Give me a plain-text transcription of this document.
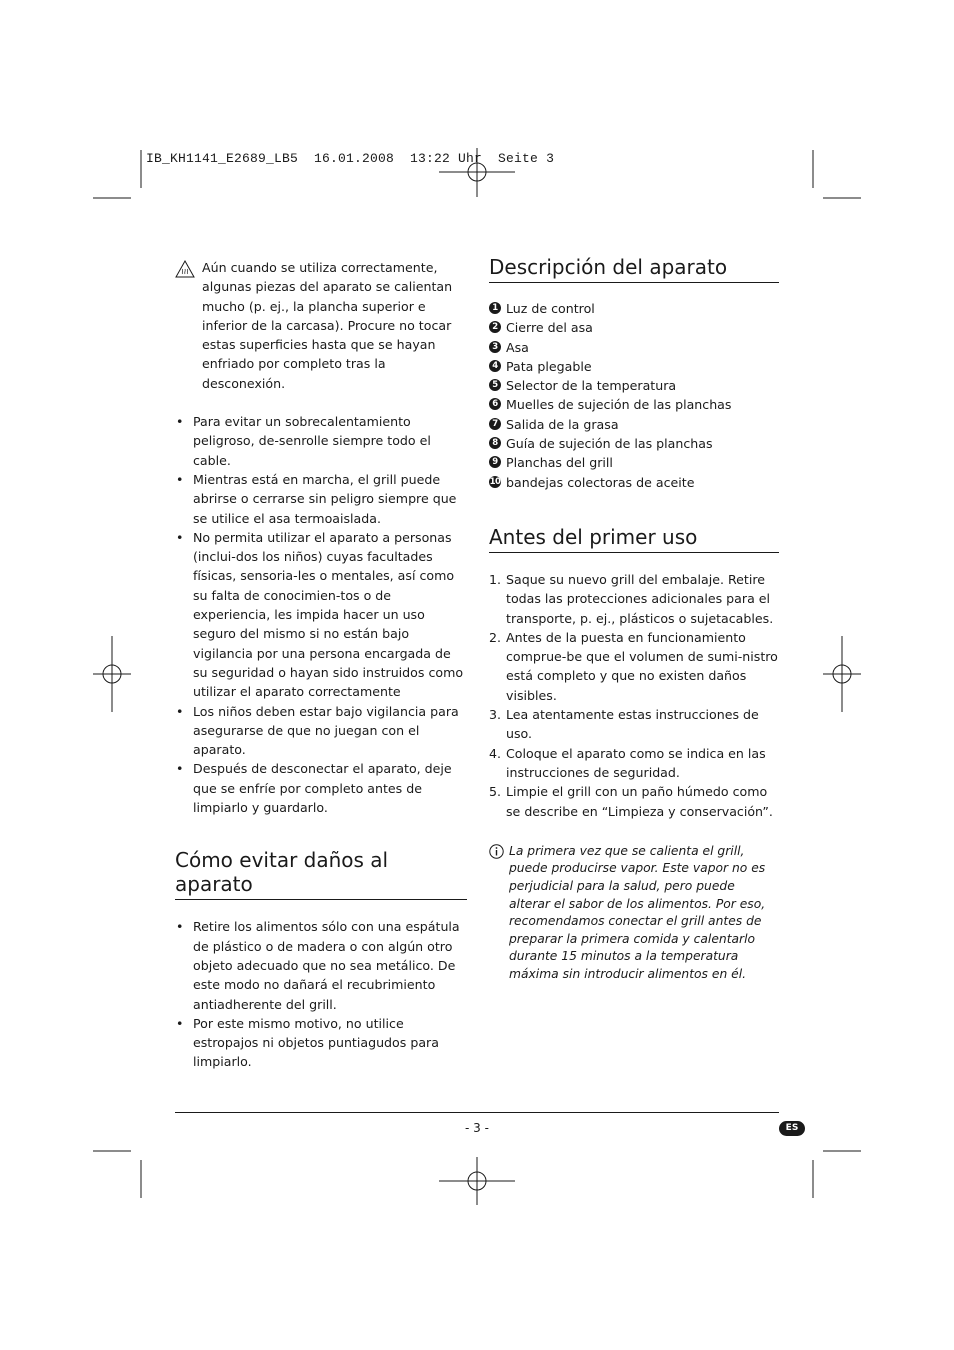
IB_KH1141_E2689_LB5  16.01.2008  13:22 Uhr  Seite 3
Aún cuando se utiliza correctamente, algunas piezas del aparato se calientan mucho (p. ej., la plancha superior e inferior de la carcasa). Procure no tocar estas superficies hasta que se hayan enfriado por completo tras la desconexión.
• Para evitar un sobrecalentamiento peligroso, de-senrolle siempre todo el cable.
• Mientras está en marcha, el grill puede abrirse o cerrarse sin peligro siempre que se utilice el asa termoaislada.
• No permita utilizar el aparato a personas (inclui-dos los niños) cuyas facultades físicas, sensoria-les o mentales, así como su falta de conocimien-tos o de experiencia, les impida hacer un uso seguro del mismo si no están bajo vigilancia por una persona encargada de su seguridad o hayan sido instruidos como utilizar el aparato correctamente
• Los niños deben estar bajo vigilancia para asegurarse de que no juegan con el aparato.
• Después de desconectar el aparato, deje que se enfríe por completo antes de limpiarlo y guardarlo.
Cómo evitar daños al aparato
• Retire los alimentos sólo con una espátula de plástico o de madera o con algún otro objeto adecuado que no sea metálico. De este modo no dañará el recubrimiento antiadherente del grill.
• Por este mismo motivo, no utilice estropajos ni objetos puntiagudos para limpiarlo.
Descripción del aparato
1 Luz de control
2 Cierre del asa
3 Asa
4 Pata plegable
5 Selector de la temperatura
6 Muelles de sujeción de las planchas
7 Salida de la grasa
8 Guía de sujeción de las planchas
9 Planchas del grill
10 bandejas colectoras de aceite
Antes del primer uso
1. Saque su nuevo grill del embalaje. Retire todas las protecciones adicionales para el transporte, p. ej., plásticos o sujetacables.
2. Antes de la puesta en funcionamiento comprue-be que el volumen de sumi-nistro está completo y que no existen daños visibles.
3. Lea atentamente estas instrucciones de uso.
4. Coloque el aparato como se indica en las instrucciones de seguridad.
5. Limpie el grill con un paño húmedo como se describe en “Limpieza y conservación”.
La primera vez que se calienta el grill, puede producirse vapor. Este vapor no es perjudicial para la salud, pero puede alterar el sabor de los alimentos. Por eso, recomendamos conectar el grill antes de preparar la primera comida y calentarlo durante 15 minutos a la temperatura máxima sin introducir alimentos en él.
- 3 -	ES
